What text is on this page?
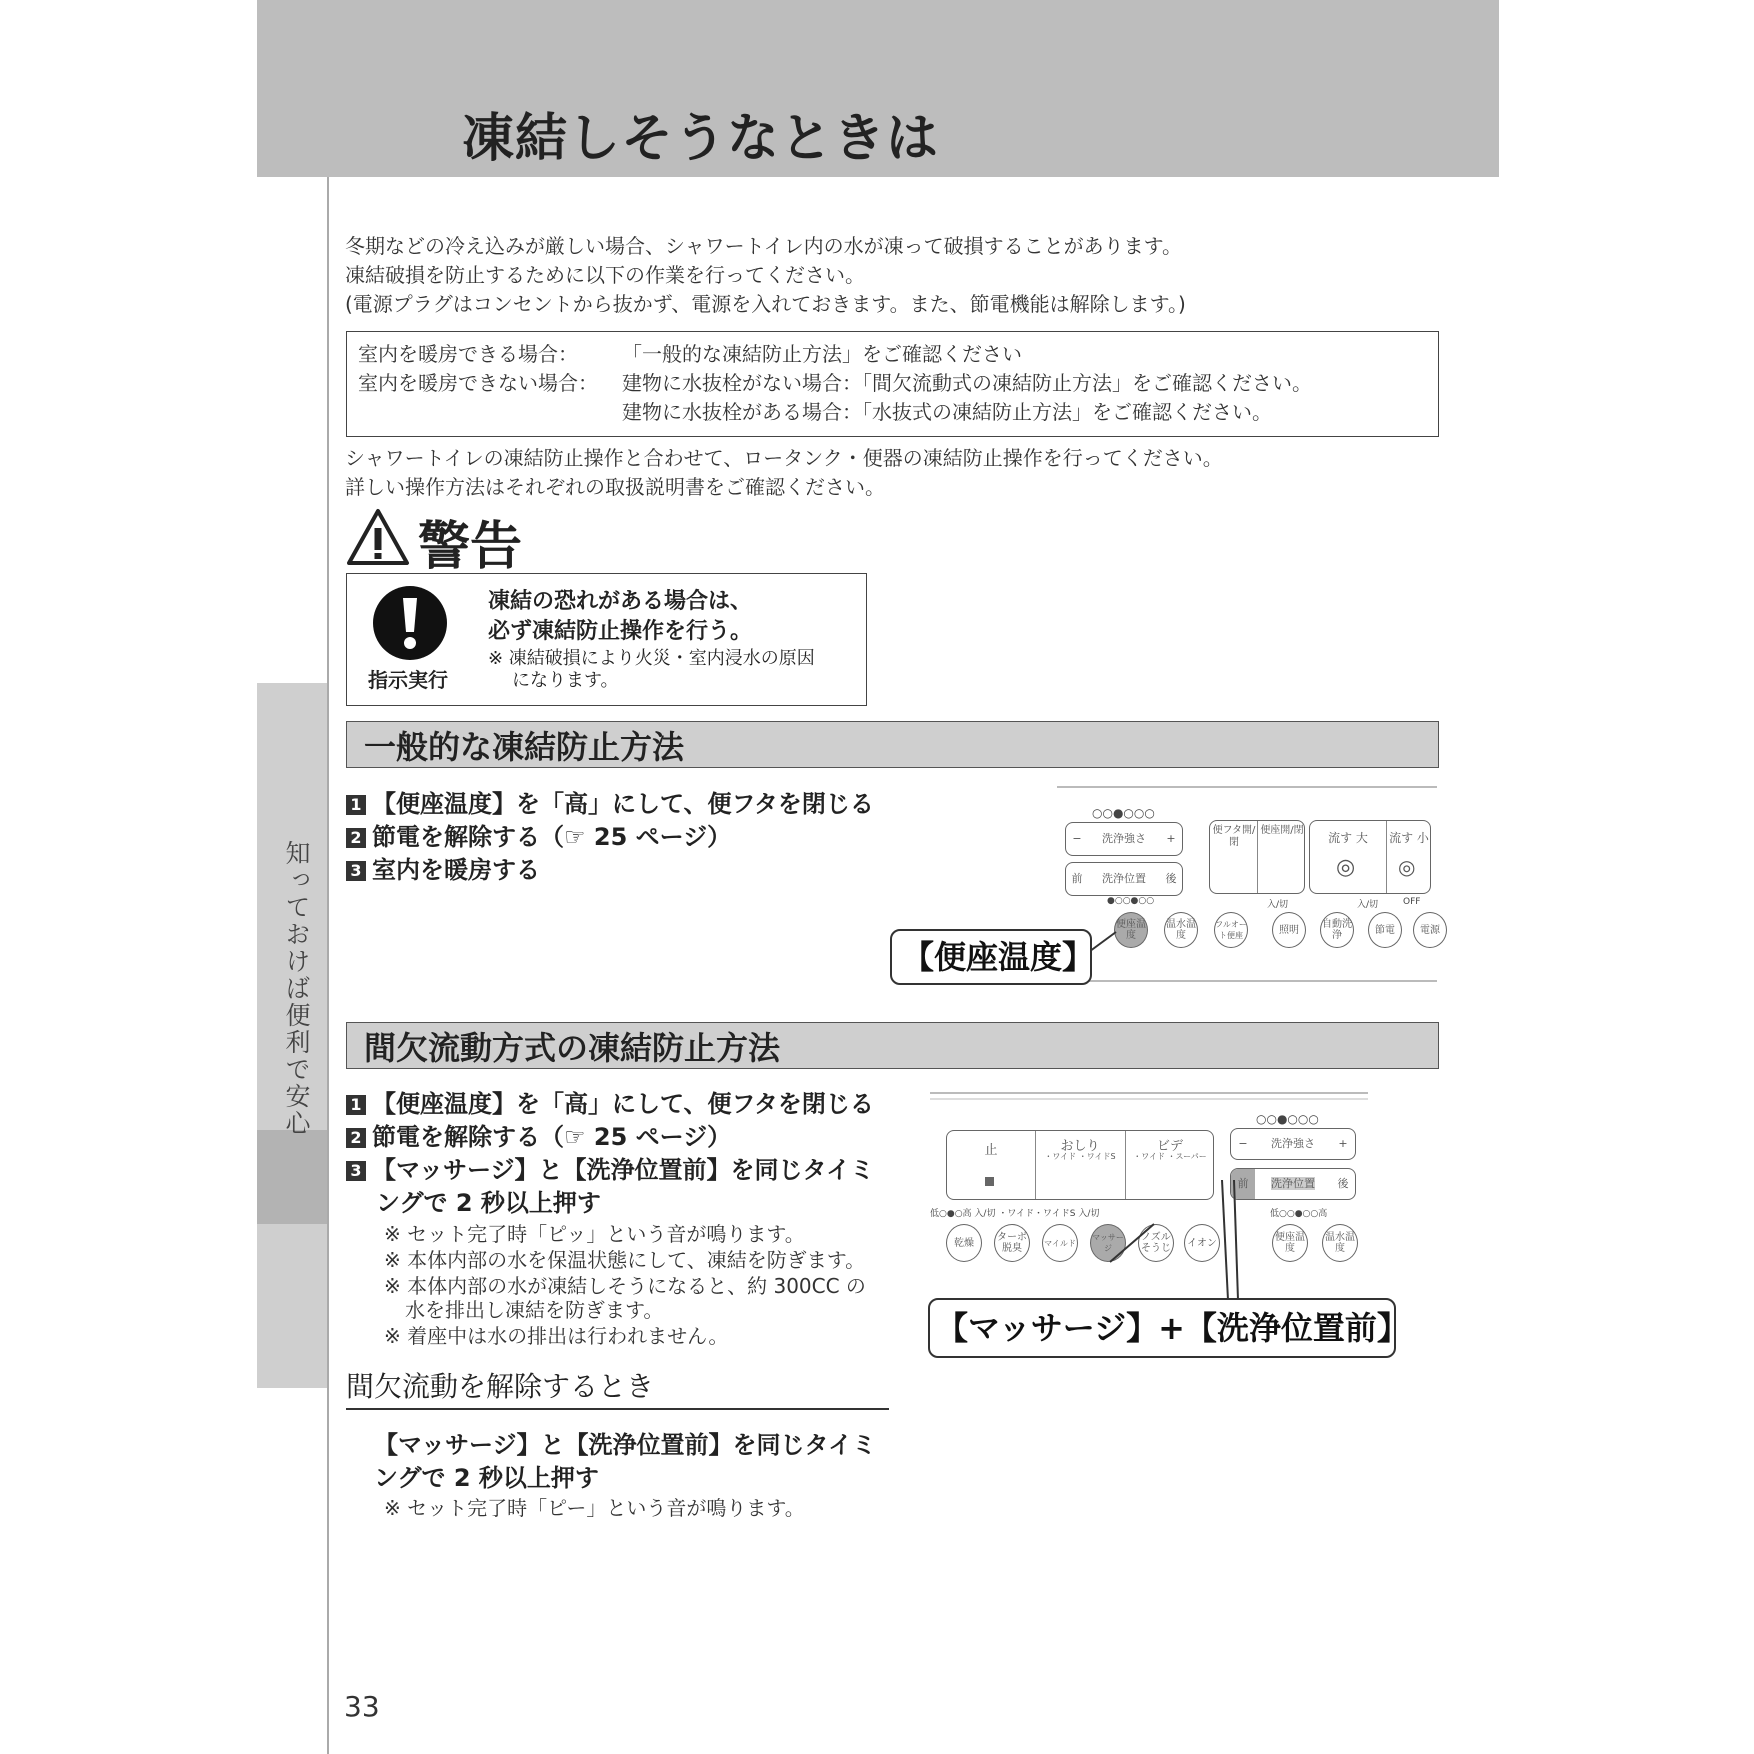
凍結しそうなときは
知っておけば便利で安心
冬期などの冷え込みが厳しい場合、シャワートイレ内の水が凍って破損することがあります。
凍結破損を防止するために以下の作業を行ってください。
(電源プラグはコンセントから抜かず、電源を入れておきます。また、節電機能は解除します。)
室内を暖房できる場合： 「一般的な凍結防止方法」をご確認ください
室内を暖房できない場合： 建物に水抜栓がない場合：「間欠流動式の凍結防止方法」をご確認ください。
建物に水抜栓がある場合：「水抜式の凍結防止方法」をご確認ください。
シャワートイレの凍結防止操作と合わせて、ロータンク・便器の凍結防止操作を行ってください。
詳しい操作方法はそれぞれの取扱説明書をご確認ください。
警告
指示実行
凍結の恐れがある場合は、
必ず凍結防止操作を行う。
※ 凍結破損により火災・室内浸水の原因
になります。
一般的な凍結防止方法
1 【便座温度】を「高」にして、便フタを閉じる
2 節電を解除する（☞ 25 ページ）
3 室内を暖房する
○○●○○○
−	洗浄強さ	+
前	洗浄位置	後
便フタ開/閉
便座開/閉
流す 大	流す 小
◎ ◎
●○○●○○	入/切	入/切	OFF
便座温度
温水温度
フルオート便座	照明	自動洗浄	節電	電源
【便座温度】
間欠流動方式の凍結防止方法
1 【便座温度】を「高」にして、便フタを閉じる
2 節電を解除する（☞ 25 ページ）
3 【マッサージ】と【洗浄位置前】を同じタイミ
ングで 2 秒以上押す
※ セット完了時「ピッ」という音が鳴ります。
※ 本体内部の水を保温状態にして、凍結を防ぎます。
※ 本体内部の水が凍結しそうになると、約 300CC の
水を排出し凍結を防ぎます。
※ 着座中は水の排出は行われません。
止	おしり
・ワイド ・ワイドS
ビデ
・ワイド ・スーパー
○○●○○○
−	洗浄強さ	+
前	洗浄位置	後
低○●○高 入/切 ・ワイド・ワイドS 入/切	低○○●○○高
乾燥	ターボ脱臭	マイルド
マッサージ
ノズルそうじ	イオン	便座温度
温水温度
【マッサージ】+【洗浄位置前】
間欠流動を解除するとき
【マッサージ】と【洗浄位置前】を同じタイミ
ングで 2 秒以上押す
※ セット完了時「ピー」という音が鳴ります。
33
